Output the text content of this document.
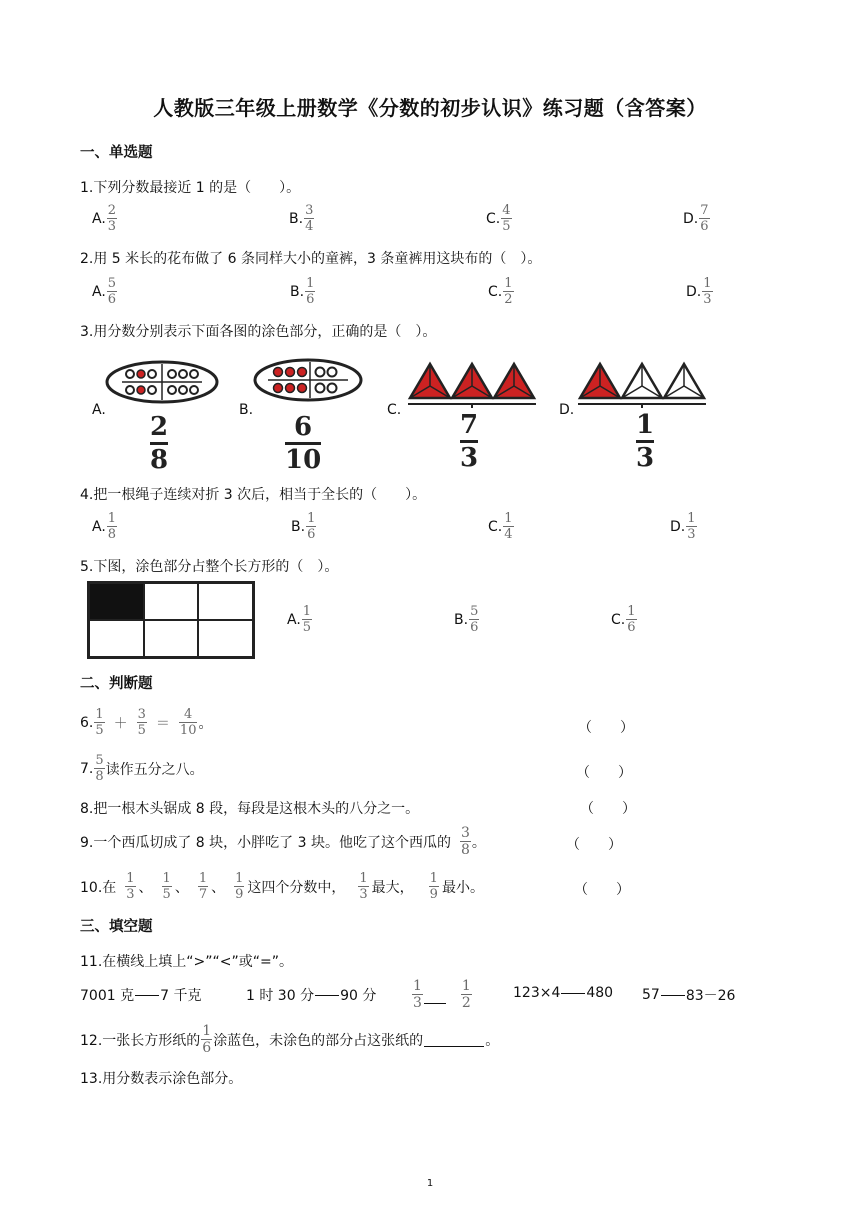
人教版三年级上册数学《分数的初步认识》练习题（含答案）
一、单选题
1.下列分数最接近 1 的是（　　）。
A. $\frac{2}{3}$	B. $\frac{3}{4}$	C. $\frac{4}{5}$	D. $\frac{7}{6}$
2.用 5 米长的花布做了 6 条同样大小的童裤，3 条童裤用这块布的（　）。
A. $\frac{5}{6}$	B. $\frac{1}{6}$	C. $\frac{1}{2}$	D. $\frac{1}{3}$
3.用分数分别表示下面各图的涂色部分，正确的是（　）。
A.
2
8
B.
6
10
C. 7
3
D. 1
3
4.把一根绳子连续对折 3 次后，相当于全长的（　　）。
A. $\frac{1}{8}$	B. $\frac{1}{6}$	C. $\frac{1}{4}$	D. $\frac{1}{3}$
5.下图，涂色部分占整个长方形的（　）。
A. $\frac{1}{5}$	B. $\frac{5}{6}$	C. $\frac{1}{6}$
二、判断题
6. $\frac{1}{5} + \frac{3}{5} = \frac{4}{10}$ 。	（　　）
7. $\frac{5}{8}$ 读作五分之八。	（　　）
8.把一根木头锯成 8 段，每段是这根木头的八分之一。	（　　）
9.一个西瓜切成了 8 块，小胖吃了 3 块。他吃了这个西瓜的 $\frac{3}{8}$ 。	（　　）
10.在 $\frac{1}{3}$ 、 $\frac{1}{5}$ 、 $\frac{1}{7}$ 、 $\frac{1}{9}$ 这四个分数中， $\frac{1}{3}$ 最大， $\frac{1}{9}$ 最小。	（　　）
三、填空题
11.在横线上填上“>”“<”或“=”。
7001 克 7 千克	1 时 30 分 90 分	$\frac{1}{3}$	$\frac{1}{2}$	123×4 480 57 83－26
12.一张长方形纸的 $\frac{1}{6}$ 涂蓝色，未涂色的部分占这张纸的	。
13.用分数表示涂色部分。
1
